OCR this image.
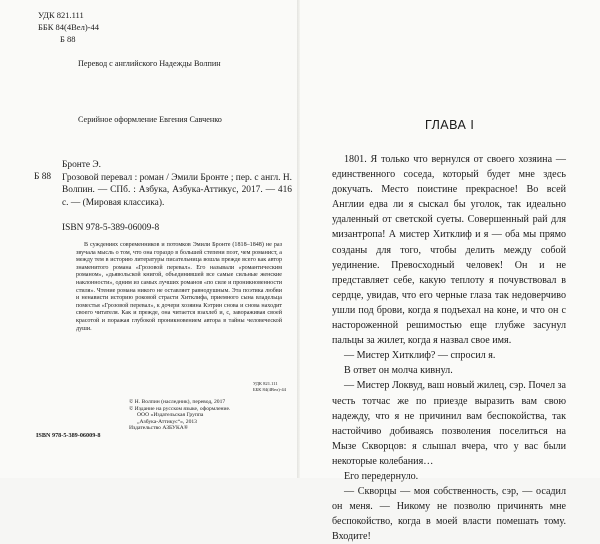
УДК 821.111
ББК 84(4Вел)-44
Б 88
Перевод с английского Надежды Волпин
Серийное оформление Евгения Савченко
Бронте Э.
Б 88 Грозовой перевал : роман / Эмили Бронте ; пер. с англ. Н. Волпин. — СПб. : Азбука, Азбука-Аттикус, 2017. — 416 с. — (Мировая классика).
ISBN 978-5-389-06009-8

В суждениях современников и потомков Эмили Бронте (1818–1848) не раз звучала мысль о том, что она гораздо в большей степени поэт, чем романист, а между тем в историю литературы писательница вошла прежде всего как автор знаменитого романа «Грозовой перевал». Его называли «романтическим романом», «дьявольской книгой, объединившей все самые сильные женские наклонности», одним из самых лучших романов «по силе и проникновенности стиля». Чтение романа никого не оставляет равнодушным. Эта поэтика любви и ненависти историю роковой страсти Хитклифа, приемного сына владельца поместья «Грозовой перевал», к дочери хозяина Кэтрин снова и снова находит своего читателя. Как и прежде, она читается взахлеб и, с, завораживая своей красотой и поражая глубокой проникновением автора в тайны человеческой души.

УДК 821.111
ББК 84(4Вел)-44
© Н. Волпин (наследник), перевод, 2017
© Издание на русском языке, оформление.
ООО «Издательская Группа
„Азбука-Аттикус“», 2013
Издательство АЗБУКА®
ISBN 978-5-389-06009-8
ГЛАВА I

1801. Я только что вернулся от своего хозяина — единственного соседа, который будет мне здесь докучать. Место поистине прекрасное! Во всей Англии едва ли я сыскал бы уголок, так идеально удаленный от светской суеты. Совершенный рай для мизантропа! А мистер Хитклиф и я — оба мы прямо созданы для того, чтобы делить между собой уединение. Превосходный человек! Он и не представляет себе, какую теплоту я почувствовал в сердце, увидав, что его черные глаза так недоверчиво ушли под брови, когда я подъехал на коне, и что он с настороженной решимостью еще глубже засунул пальцы за жилет, когда я назвал свое имя.

— Мистер Хитклиф? — спросил я.

В ответ он молча кивнул.

— Мистер Локвуд, ваш новый жилец, сэр. Почел за честь тотчас же по приезде выразить вам свою надежду, что я не причинил вам беспокойства, так настойчиво добиваясь позволения поселиться на Мызе Скворцов: я слышал вчера, что у вас были некоторые колебания…

Его передернуло.

— Скворцы — моя собственность, сэр, — осадил он меня. — Никому не позволю причинять мне беспокойство, когда в моей власти помешать тому. Входите!
